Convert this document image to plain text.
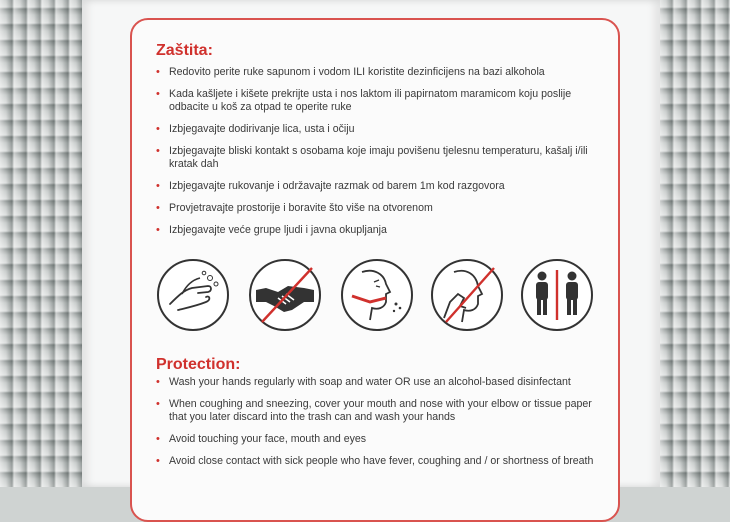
Zaštita:
• Redovito perite ruke sapunom i vodom ILI koristite dezinficijens na bazi alkohola
• Kada kašljete i kišete prekrijte usta i nos laktom ili papirnatom maramicom koju poslije odbacite u koš za otpad te operite ruke
• Izbjegavajte dodirivanje lica, usta i očiju
• Izbjegavajte bliski kontakt s osobama koje imaju povišenu tjelesnu temperaturu, kašalj i/ili kratak dah
• Izbjegavajte rukovanje i održavajte razmak od barem 1m kod razgovora
• Provjetravajte prostorije i boravite što više na otvorenom
• Izbjegavajte veće grupe ljudi i javna okupljanja
Protection:
• Wash your hands regularly with soap and water OR use an alcohol-based disinfectant
• When coughing and sneezing, cover your mouth and nose with your elbow or tissue paper that you later discard into the trash can and wash your hands
• Avoid touching your face, mouth and eyes
• Avoid close contact with sick people who have fever, coughing and / or shortness of breath
